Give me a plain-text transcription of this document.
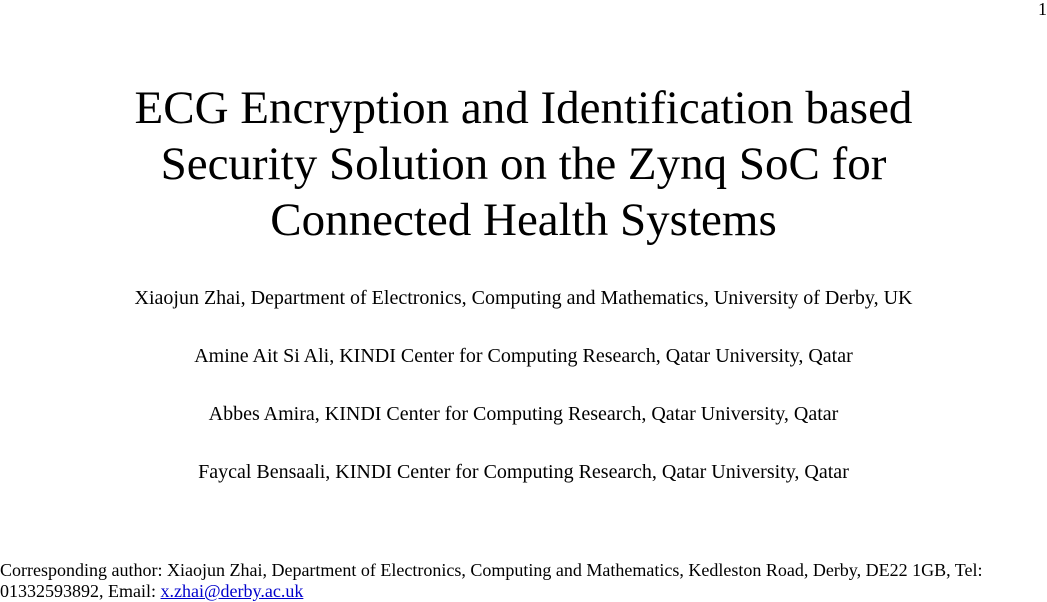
1
ECG Encryption and Identification based
Security Solution on the Zynq SoC for
Connected Health Systems
Xiaojun Zhai, Department of Electronics, Computing and Mathematics, University of Derby, UK
Amine Ait Si Ali, KINDI Center for Computing Research, Qatar University, Qatar
Abbes Amira, KINDI Center for Computing Research, Qatar University, Qatar
Faycal Bensaali, KINDI Center for Computing Research, Qatar University, Qatar
Corresponding author: Xiaojun Zhai, Department of Electronics, Computing and Mathematics, Kedleston Road, Derby, DE22 1GB, Tel:
01332593892, Email: x.zhai@derby.ac.uk
